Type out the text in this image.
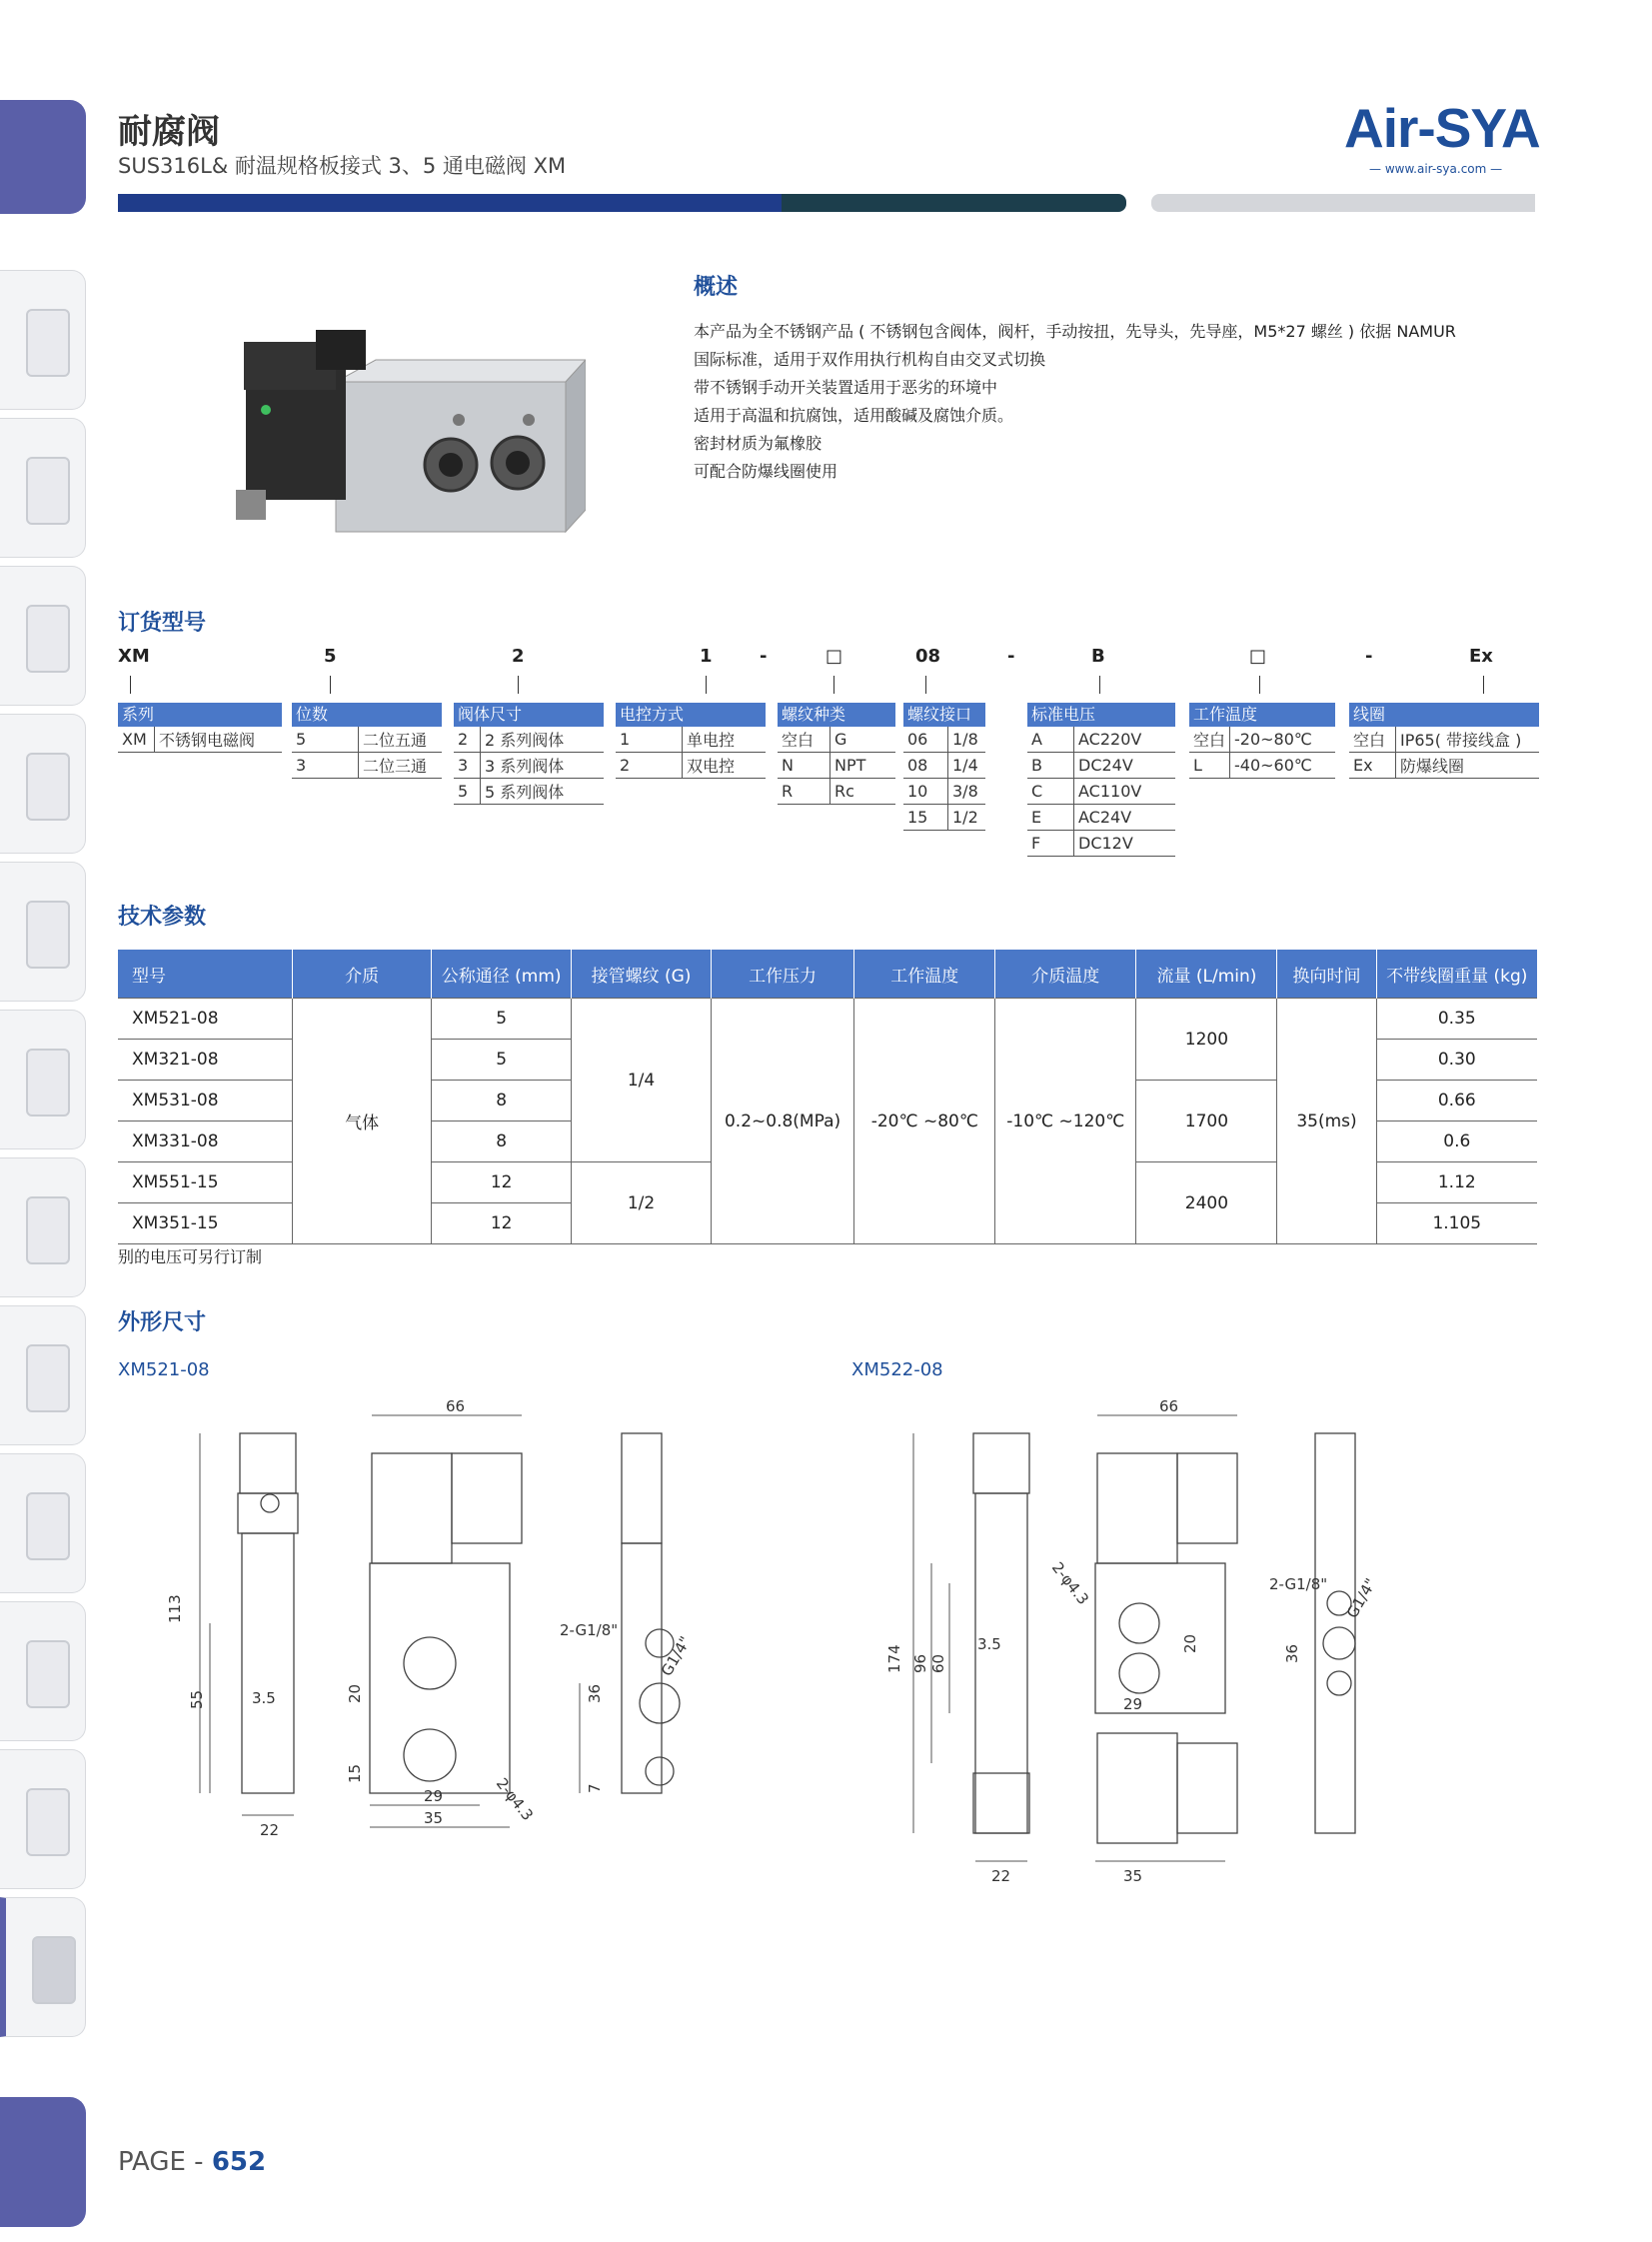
耐腐阀
SUS316L& 耐温规格板接式 3、5 通电磁阀 XM
Air-SYA
— www.air-sya.com —
概述
本产品为全不锈钢产品 ( 不锈钢包含阀体，阀杆，手动按扭，先导头，先导座，M5*27 螺丝 ) 依据 NAMUR
国际标准，适用于双作用执行机构自由交叉式切换
带不锈钢手动开关装置适用于恶劣的环境中
适用于高温和抗腐蚀，适用酸碱及腐蚀介质。
密封材质为氟橡胶
可配合防爆线圈使用
订货型号
XM	5	2	1	-	□	08	-	B	□	-	Ex
系列
XM	不锈钢电磁阀
位数
5	二位五通
3	二位三通
阀体尺寸
2	2 系列阀体
3	3 系列阀体
5	5 系列阀体
电控方式
1	单电控
2	双电控
螺纹种类
空白	G
N	NPT
R	Rc
螺纹接口
06	1/8
08	1/4
10	3/8
15	1/2
标准电压
A	AC220V
B	DC24V
C	AC110V
E	AC24V
F	DC12V
工作温度
空白	-20~80℃
L	-40~60℃
线圈
空白	IP65( 带接线盒 )
Ex	防爆线圈
技术参数
型号	介质	公称通径 (mm)	接管螺纹 (G)	工作压力	工作温度	介质温度	流量 (L/min)	换向时间	不带线圈重量 (kg)
XM521-08	气体	5	1/4	0.2~0.8(MPa)	-20℃ ~80℃	-10℃ ~120℃	1200	35(ms)	0.35
XM321-08		5							0.30
XM531-08		8					1700		0.66
XM331-08		8							0.6
XM551-15		12	1/2				2400		1.12
XM351-15		12							1.105
别的电压可另行订制
外形尺寸
XM521-08	XM522-08
66
113
55	3.5
22
20
15
29
35
36
7
2-φ4.3
2-G1/8"
G1/4"
66
174 96 60
3.5
22
20
29
35
36
2-φ4.3	2-G1/8" G1/4"
PAGE - 652
